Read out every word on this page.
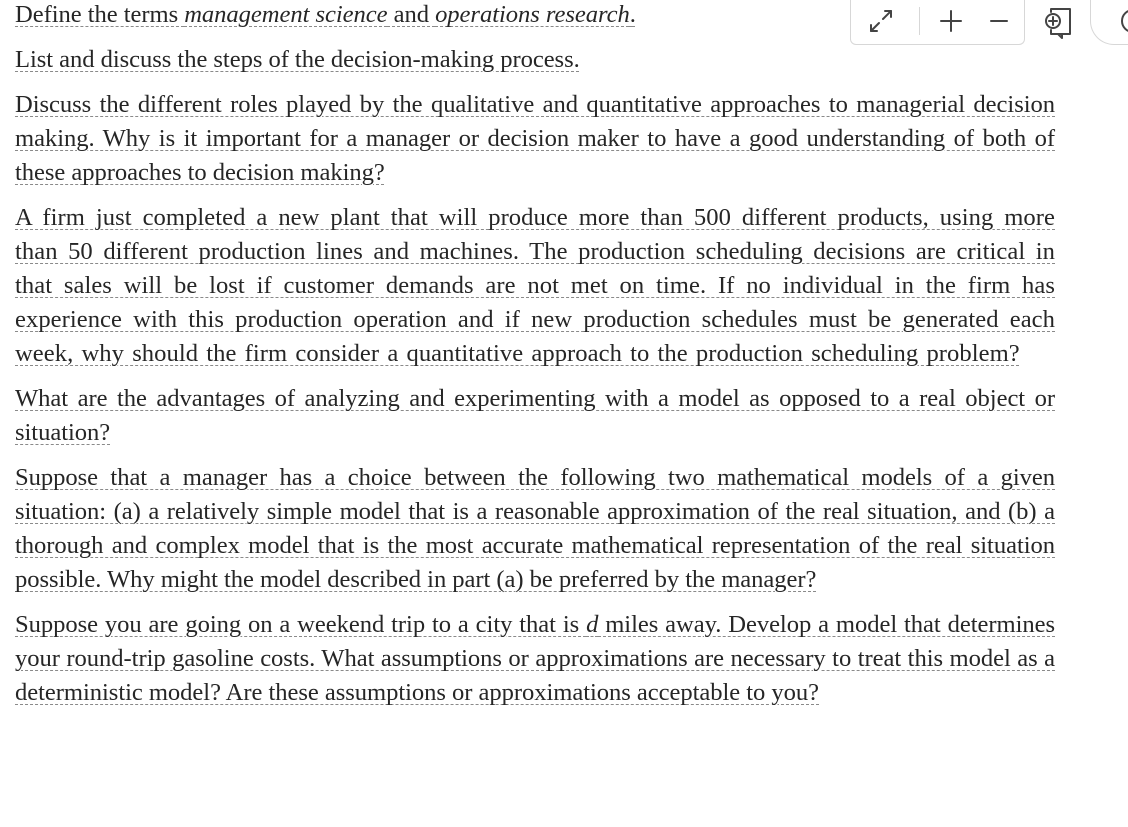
Define the terms management science and operations research.

List and discuss the steps of the decision-making process.

Discuss the different roles played by the qualitative and quantitative approaches to managerial decision making. Why is it important for a manager or decision maker to have a good understanding of both of these approaches to decision making?

A firm just completed a new plant that will produce more than 500 different products, using more than 50 different production lines and machines. The production scheduling decisions are critical in that sales will be lost if customer demands are not met on time. If no individual in the firm has experience with this production operation and if new production schedules must be generated each week, why should the firm consider a quantitative approach to the production scheduling problem?

What are the advantages of analyzing and experimenting with a model as opposed to a real object or situation?

Suppose that a manager has a choice between the following two mathematical models of a given situation: (a) a relatively simple model that is a reasonable approximation of the real situation, and (b) a thorough and complex model that is the most accurate mathematical representation of the real situation possible. Why might the model described in part (a) be preferred by the manager?

Suppose you are going on a weekend trip to a city that is d miles away. Develop a model that determines your round-trip gasoline costs. What assumptions or approximations are necessary to treat this model as a deterministic model? Are these assumptions or approximations acceptable to you?
